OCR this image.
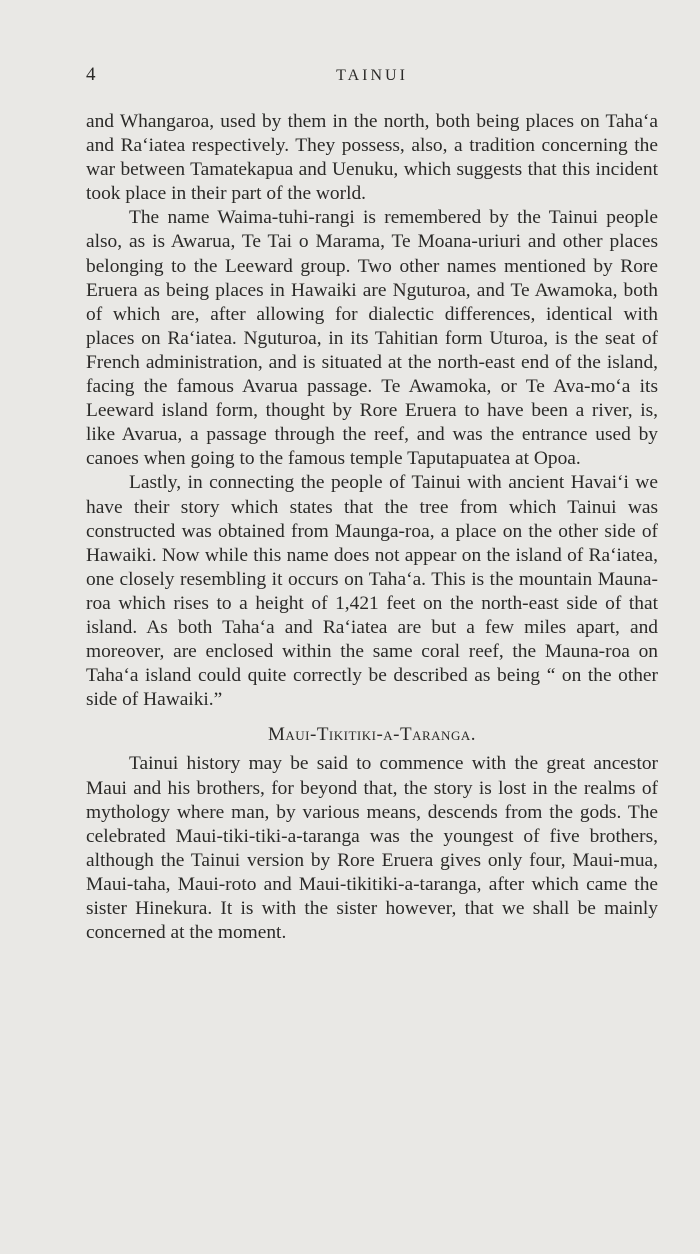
4	TAINUI

and Whangaroa, used by them in the north, both being places on Taha‘a and Ra‘iatea respectively. They possess, also, a tradition concerning the war between Tamatekapua and Uenuku, which suggests that this incident took place in their part of the world.

The name Waima-tuhi-rangi is remembered by the Tainui people also, as is Awarua, Te Tai o Marama, Te Moana-uriuri and other places belonging to the Leeward group. Two other names mentioned by Rore Eruera as being places in Hawaiki are Nguturoa, and Te Awamoka, both of which are, after allowing for dialectic differences, identical with places on Ra‘iatea. Nguturoa, in its Tahitian form Uturoa, is the seat of French administration, and is situated at the north-east end of the island, facing the famous Avarua passage. Te Awamoka, or Te Ava-mo‘a its Leeward island form, thought by Rore Eruera to have been a river, is, like Avarua, a passage through the reef, and was the entrance used by canoes when going to the famous temple Taputapuatea at Opoa.

Lastly, in connecting the people of Tainui with ancient Havai‘i we have their story which states that the tree from which Tainui was constructed was obtained from Maunga-roa, a place on the other side of Hawaiki. Now while this name does not appear on the island of Ra‘iatea, one closely resembling it occurs on Taha‘a. This is the mountain Mauna-roa which rises to a height of 1,421 feet on the north-east side of that island. As both Taha‘a and Ra‘iatea are but a few miles apart, and moreover, are enclosed within the same coral reef, the Mauna-roa on Taha‘a island could quite correctly be described as being “ on the other side of Hawaiki.”

Maui-Tikitiki-a-Taranga.

Tainui history may be said to commence with the great ancestor Maui and his brothers, for beyond that, the story is lost in the realms of mythology where man, by various means, descends from the gods. The celebrated Maui-tiki-tiki-a-taranga was the youngest of five brothers, although the Tainui version by Rore Eruera gives only four, Maui-mua, Maui-taha, Maui-roto and Maui-tikitiki-a-taranga, after which came the sister Hinekura. It is with the sister however, that we shall be mainly concerned at the moment.
